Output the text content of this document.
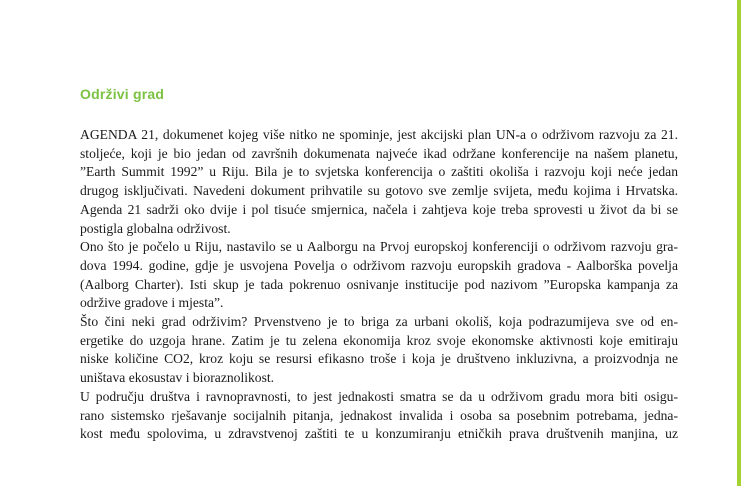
Održivi grad

AGENDA 21, dokumenet kojeg više nitko ne spominje, jest akcijski plan UN-a o održivom razvoju za 21.
stoljeće, koji je bio jedan od završnih dokumenata najveće ikad održane konferencije na našem planetu,
”Earth Summit 1992” u Riju. Bila je to svjetska konferencija o zaštiti okoliša i razvoju koji neće jedan
drugog isključivati. Navedeni dokument prihvatile su gotovo sve zemlje svijeta, među kojima i Hrvatska.
Agenda 21 sadrži oko dvije i pol tisuće smjernica, načela i zahtjeva koje treba sprovesti u život da bi se
postigla globalna održivost.

Ono što je počelo u Riju, nastavilo se u Aalborgu na Prvoj europskoj konferenciji o održivom razvoju gra-
dova 1994. godine, gdje je usvojena Povelja o održivom razvoju europskih gradova - Aalborška povelja
(Aalborg Charter). Isti skup je tada pokrenuo osnivanje institucije pod nazivom ”Europska kampanja za
održive gradove i mjesta”.

Što čini neki grad održivim? Prvenstveno je to briga za urbani okoliš, koja podrazumijeva sve od en-
ergetike do uzgoja hrane. Zatim je tu zelena ekonomija kroz svoje ekonomske aktivnosti koje emitiraju
niske količine CO2, kroz koju se resursi efikasno troše i koja je društveno inkluzivna, a proizvodnja ne
uništava ekosustav i bioraznolikost.

U području društva i ravnopravnosti, to jest jednakosti smatra se da u održivom gradu mora biti osigu-
rano sistemsko rješavanje socijalnih pitanja, jednakost invalida i osoba sa posebnim potrebama, jedna-
kost među spolovima, u zdravstvenoj zaštiti te u konzumiranju etničkih prava društvenih manjina, uz
